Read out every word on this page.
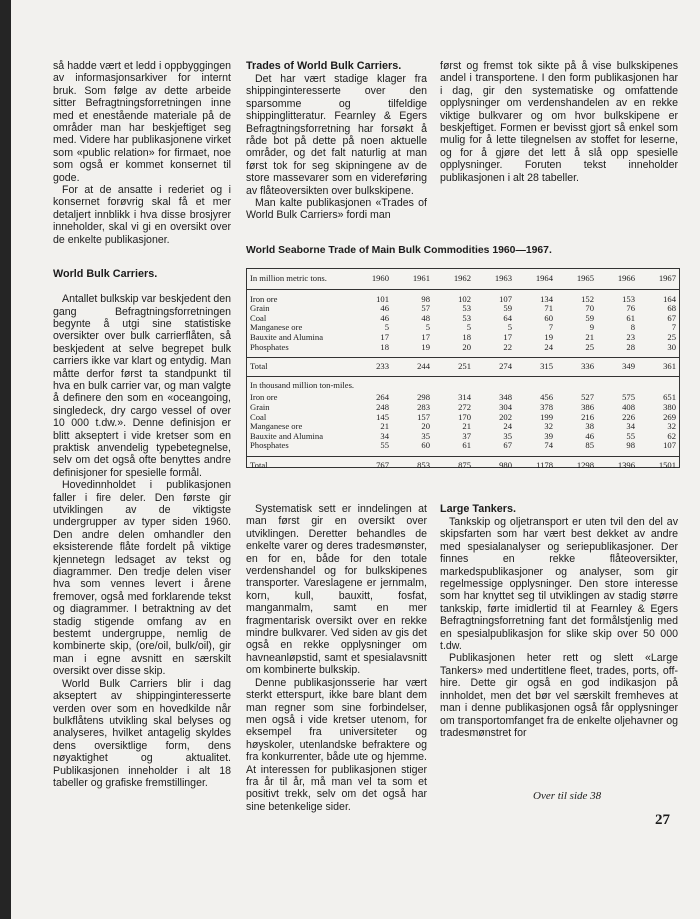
så hadde vært et ledd i oppbyggingen av informasjonsarkiver for internt bruk. Som følge av dette arbeide sitter Befragtningsforretningen inne med et enestående materiale på de områder man har beskjeftiget seg med. Videre har publikasjonene virket som «public relation» for firmaet, noe som også er kommet konsernet til gode.

For at de ansatte i rederiet og i konsernet forøvrig skal få et mer detaljert innblikk i hva disse brosjyrer inneholder, skal vi gi en oversikt over de enkelte publikasjoner.

World Bulk Carriers.

Antallet bulkskip var beskjedent den gang Befragtningsforretningen begynte å utgi sine statistiske oversikter over bulk carrierflåten, så beskjedent at selve begrepet bulk carriers ikke var klart og entydig. Man måtte derfor først ta standpunkt til hva en bulk carrier var, og man valgte å definere den som en «oceangoing, singledeck, dry cargo vessel of over 10 000 t.dw.». Denne definisjon er blitt akseptert i vide kretser som en praktisk anvendelig typebetegnelse, selv om det også ofte benyttes andre definisjoner for spesielle formål.

Hovedinnholdet i publikasjonen faller i fire deler. Den første gir utviklingen av de viktigste undergrupper av typer siden 1960. Den andre delen omhandler den eksisterende flåte fordelt på viktige kjennetegn ledsaget av tekst og diagrammer. Den tredje delen viser hva som vennes levert i årene fremover, også med forklarende tekst og diagrammer. I betraktning av det stadig stigende omfang av en bestemt undergruppe, nemlig de kombinerte skip, (ore/oil, bulk/oil), gir man i egne avsnitt en særskilt oversikt over disse skip.

World Bulk Carriers blir i dag akseptert av shippinginteresserte verden over som en hovedkilde når bulkflåtens utvikling skal belyses og analyseres, hvilket antagelig skyldes dens oversiktlige form, dens nøyaktighet og aktualitet. Publikasjonen inneholder i alt 18 tabeller og grafiske fremstillinger.

Trades of World Bulk Carriers.

Det har vært stadige klager fra shippinginteresserte over den sparsomme og tilfeldige shippinglitteratur. Fearnley & Egers Befragtningsforretning har forsøkt å råde bot på dette på noen aktuelle områder, og det falt naturlig at man først tok for seg skipningene av de store massevarer som en videreføring av flåteoversikten over bulkskipene.

Man kalte publikasjonen «Trades of World Bulk Carriers» fordi man

først og fremst tok sikte på å vise bulkskipenes andel i transportene. I den form publikasjonen har i dag, gir den systematiske og omfattende opplysninger om verdenshandelen av en rekke viktige bulkvarer og om hvor bulkskipene er beskjeftiget. Formen er bevisst gjort så enkel som mulig for å lette tilegnelsen av stoffet for leserne, og for å gjøre det lett å slå opp spesielle opplysninger. Foruten tekst inneholder publikasjonen i alt 28 tabeller.

World Seaborne Trade of Main Bulk Commodities 1960—1967.
In million metric tons.	1960	1961	1962	1963	1964	1965	1966	1967

Iron ore	101	98	102	107	134	152	153	164
Grain	46	57	53	59	71	70	76	68
Coal	46	48	53	64	60	59	61	67
Manganese ore	5	5	5	5	7	9	8	7
Bauxite and Alumina	17	17	18	17	19	21	23	25
Phosphates	18	19	20	22	24	25	28	30

Total	233	244	251	274	315	336	349	361
In thousand million ton-miles.								
Iron ore	264	298	314	348	456	527	575	651
Grain	248	283	272	304	378	386	408	380
Coal	145	157	170	202	199	216	226	269
Manganese ore	21	20	21	24	32	38	34	32
Bauxite and Alumina	34	35	37	35	39	46	55	62
Phosphates	55	60	61	67	74	85	98	107

Total	767	853	875	980	1178	1298	1396	1501

Systematisk sett er inndelingen at man først gir en oversikt over utviklingen. Deretter behandles de enkelte varer og deres tradesmønster, en for en, både for den totale verdenshandel og for bulkskipenes transporter. Vareslagene er jernmalm, korn, kull, bauxitt, fosfat, manganmalm, samt en mer fragmentarisk oversikt over en rekke mindre bulkvarer. Ved siden av gis det også en rekke opplysninger om havneanløpstid, samt et spesialavsnitt om kombinerte bulkskip.

Denne publikasjonsserie har vært sterkt etterspurt, ikke bare blant dem man regner som sine forbindelser, men også i vide kretser utenom, for eksempel fra universiteter og høyskoler, utenlandske befraktere og fra konkurrenter, både ute og hjemme. At interessen for publikasjonen stiger fra år til år, må man vel ta som et positivt trekk, selv om det også har sine betenkelige sider.

Large Tankers.

Tankskip og oljetransport er uten tvil den del av skipsfarten som har vært best dekket av andre med spesialanalyser og seriepublikasjoner. Der finnes en rekke flåteoversikter, markedspublikasjoner og analyser, som gir regelmessige opplysninger. Den store interesse som har knyttet seg til utviklingen av stadig større tankskip, førte imidlertid til at Fearnley & Egers Befragtningsforretning fant det formålstjenlig med en spesialpublikasjon for slike skip over 50 000 t.dw.

Publikasjonen heter rett og slett «Large Tankers» med undertitlene fleet, trades, ports, off-hire. Dette gir også en god indikasjon på innholdet, men det bør vel særskilt fremheves at man i denne publikasjonen også får opplysninger om transportomfanget fra de enkelte oljehavner og tradesmønstret for

Over til side 38
27
